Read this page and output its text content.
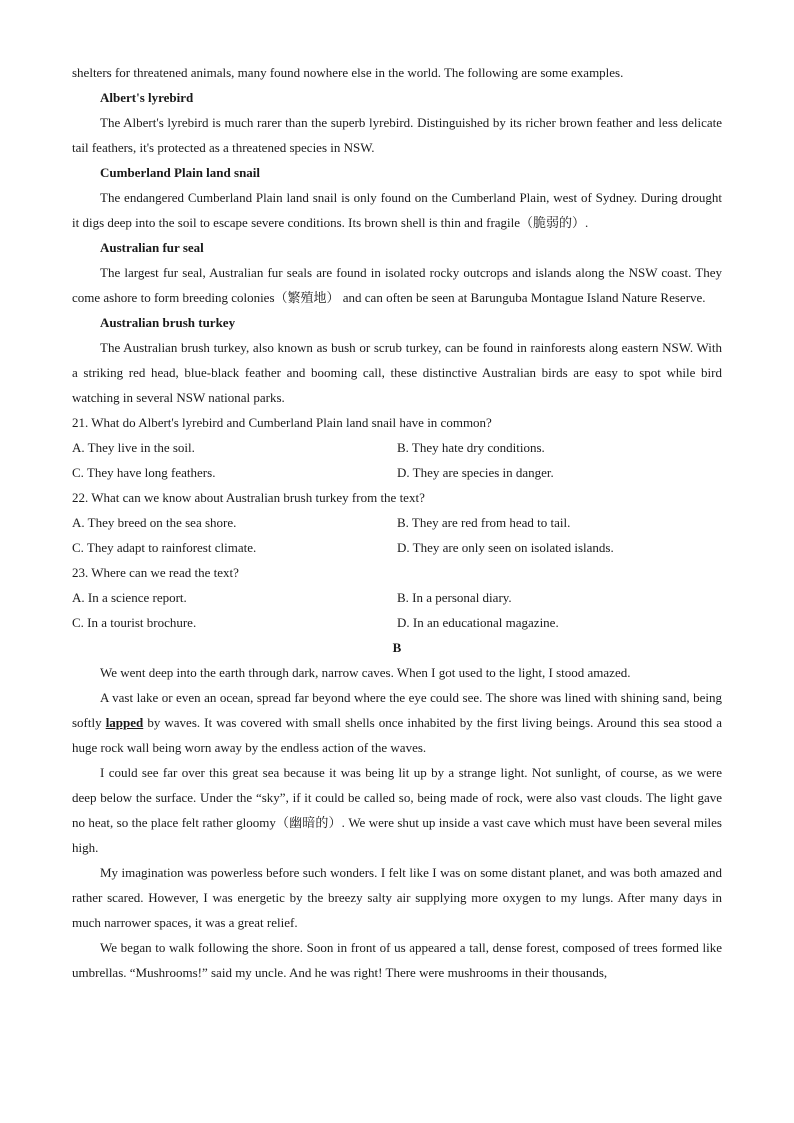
shelters for threatened animals, many found nowhere else in the world. The following are some examples.

Albert's lyrebird

The Albert's lyrebird is much rarer than the superb lyrebird. Distinguished by its richer brown feather and less delicate tail feathers, it's protected as a threatened species in NSW.

Cumberland Plain land snail

The endangered Cumberland Plain land snail is only found on the Cumberland Plain, west of Sydney. During drought it digs deep into the soil to escape severe conditions. Its brown shell is thin and fragile（脆弱的）.

Australian fur seal

The largest fur seal, Australian fur seals are found in isolated rocky outcrops and islands along the NSW coast. They come ashore to form breeding colonies（繁殖地） and can often be seen at Barunguba Montague Island Nature Reserve.

Australian brush turkey

The Australian brush turkey, also known as bush or scrub turkey, can be found in rainforests along eastern NSW. With a striking red head, blue-black feather and booming call, these distinctive Australian birds are easy to spot while bird watching in several NSW national parks.

21. What do Albert's lyrebird and Cumberland Plain land snail have in common?
A. They live in the soil.	B. They hate dry conditions.
C. They have long feathers.	D. They are species in danger.
22. What can we know about Australian brush turkey from the text?
A. They breed on the sea shore.	B. They are red from head to tail.
C. They adapt to rainforest climate.	D. They are only seen on isolated islands.
23. Where can we read the text?
A. In a science report.	B. In a personal diary.
C. In a tourist brochure.	D. In an educational magazine.
B

We went deep into the earth through dark, narrow caves. When I got used to the light, I stood amazed.

A vast lake or even an ocean, spread far beyond where the eye could see. The shore was lined with shining sand, being softly lapped by waves. It was covered with small shells once inhabited by the first living beings. Around this sea stood a huge rock wall being worn away by the endless action of the waves.

I could see far over this great sea because it was being lit up by a strange light. Not sunlight, of course, as we were deep below the surface. Under the “sky”, if it could be called so, being made of rock, were also vast clouds. The light gave no heat, so the place felt rather gloomy（幽暗的）. We were shut up inside a vast cave which must have been several miles high.

My imagination was powerless before such wonders. I felt like I was on some distant planet, and was both amazed and rather scared. However, I was energetic by the breezy salty air supplying more oxygen to my lungs. After many days in much narrower spaces, it was a great relief.

We began to walk following the shore. Soon in front of us appeared a tall, dense forest, composed of trees formed like umbrellas. “Mushrooms!” said my uncle. And he was right! There were mushrooms in their thousands,
